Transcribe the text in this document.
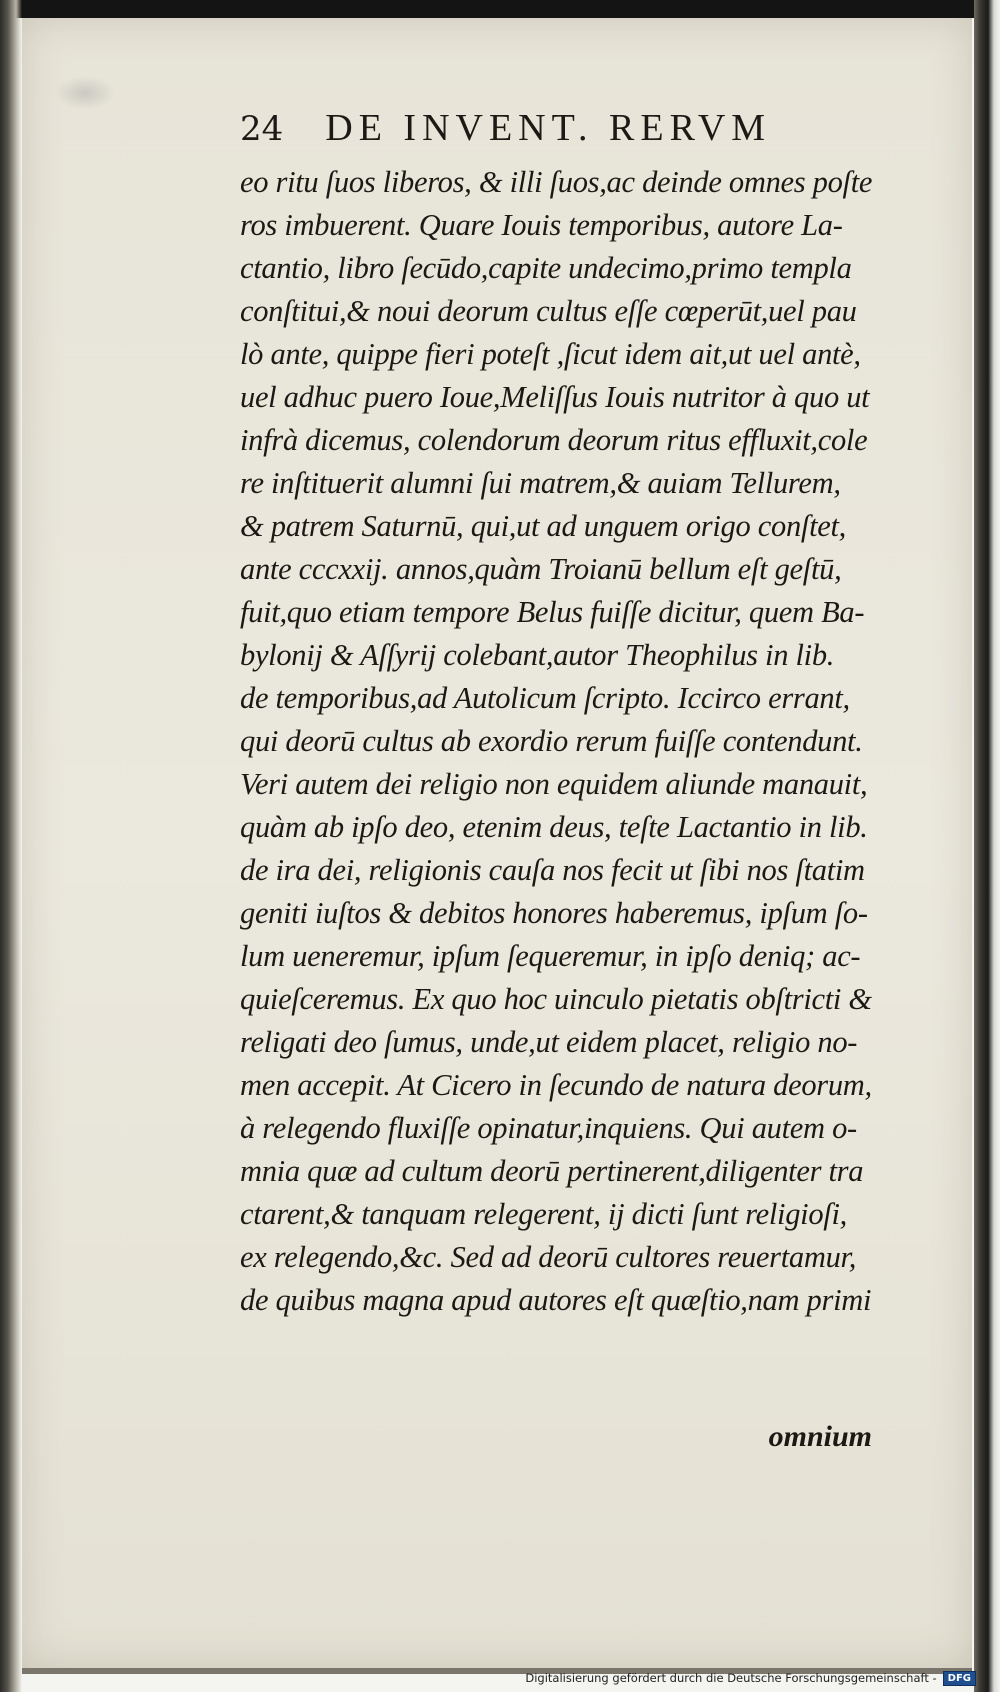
24 DE INVENT. RERVM
eo ritu ſuos liberos, & illi ſuos,ac deinde omnes poſte
ros imbuerent. Quare Iouis temporibus, autore La-
ctantio, libro ſecūdo,capite undecimo,primo templa
conſtitui,& noui deorum cultus eſſe cœperūt,uel pau
lò ante, quippe fieri poteſt ,ſicut idem ait,ut uel antè,
uel adhuc puero Ioue,Meliſſus Iouis nutritor à quo ut
infrà dicemus, colendorum deorum ritus effluxit,cole
re inſtituerit alumni ſui matrem,& auiam Tellurem,
& patrem Saturnū, qui,ut ad unguem origo conſtet,
ante cccxxij. annos,quàm Troianū bellum eſt geſtū,
fuit,quo etiam tempore Belus fuiſſe dicitur, quem Ba-
bylonij & Aſſyrij colebant,autor Theophilus in lib.
de temporibus,ad Autolicum ſcripto. Iccirco errant,
qui deorū cultus ab exordio rerum fuiſſe contendunt.
Veri autem dei religio non equidem aliunde manauit,
quàm ab ipſo deo, etenim deus, teſte Lactantio in lib.
de ira dei, religionis cauſa nos fecit ut ſibi nos ſtatim
geniti iuſtos & debitos honores haberemus, ipſum ſo-
lum ueneremur, ipſum ſequeremur, in ipſo deniq; ac-
quieſceremus. Ex quo hoc uinculo pietatis obſtricti &
religati deo ſumus, unde,ut eidem placet, religio no-
men accepit. At Cicero in ſecundo de natura deorum,
à relegendo fluxiſſe opinatur,inquiens. Qui autem o-
mnia quæ ad cultum deorū pertinerent,diligenter tra
ctarent,& tanquam relegerent, ij dicti ſunt religioſi,
ex relegendo,&c. Sed ad deorū cultores reuertamur,
de quibus magna apud autores eſt quæſtio,nam primi
omnium
Digitalisierung gefördert durch die Deutsche Forschungsgemeinschaft -	DFG
